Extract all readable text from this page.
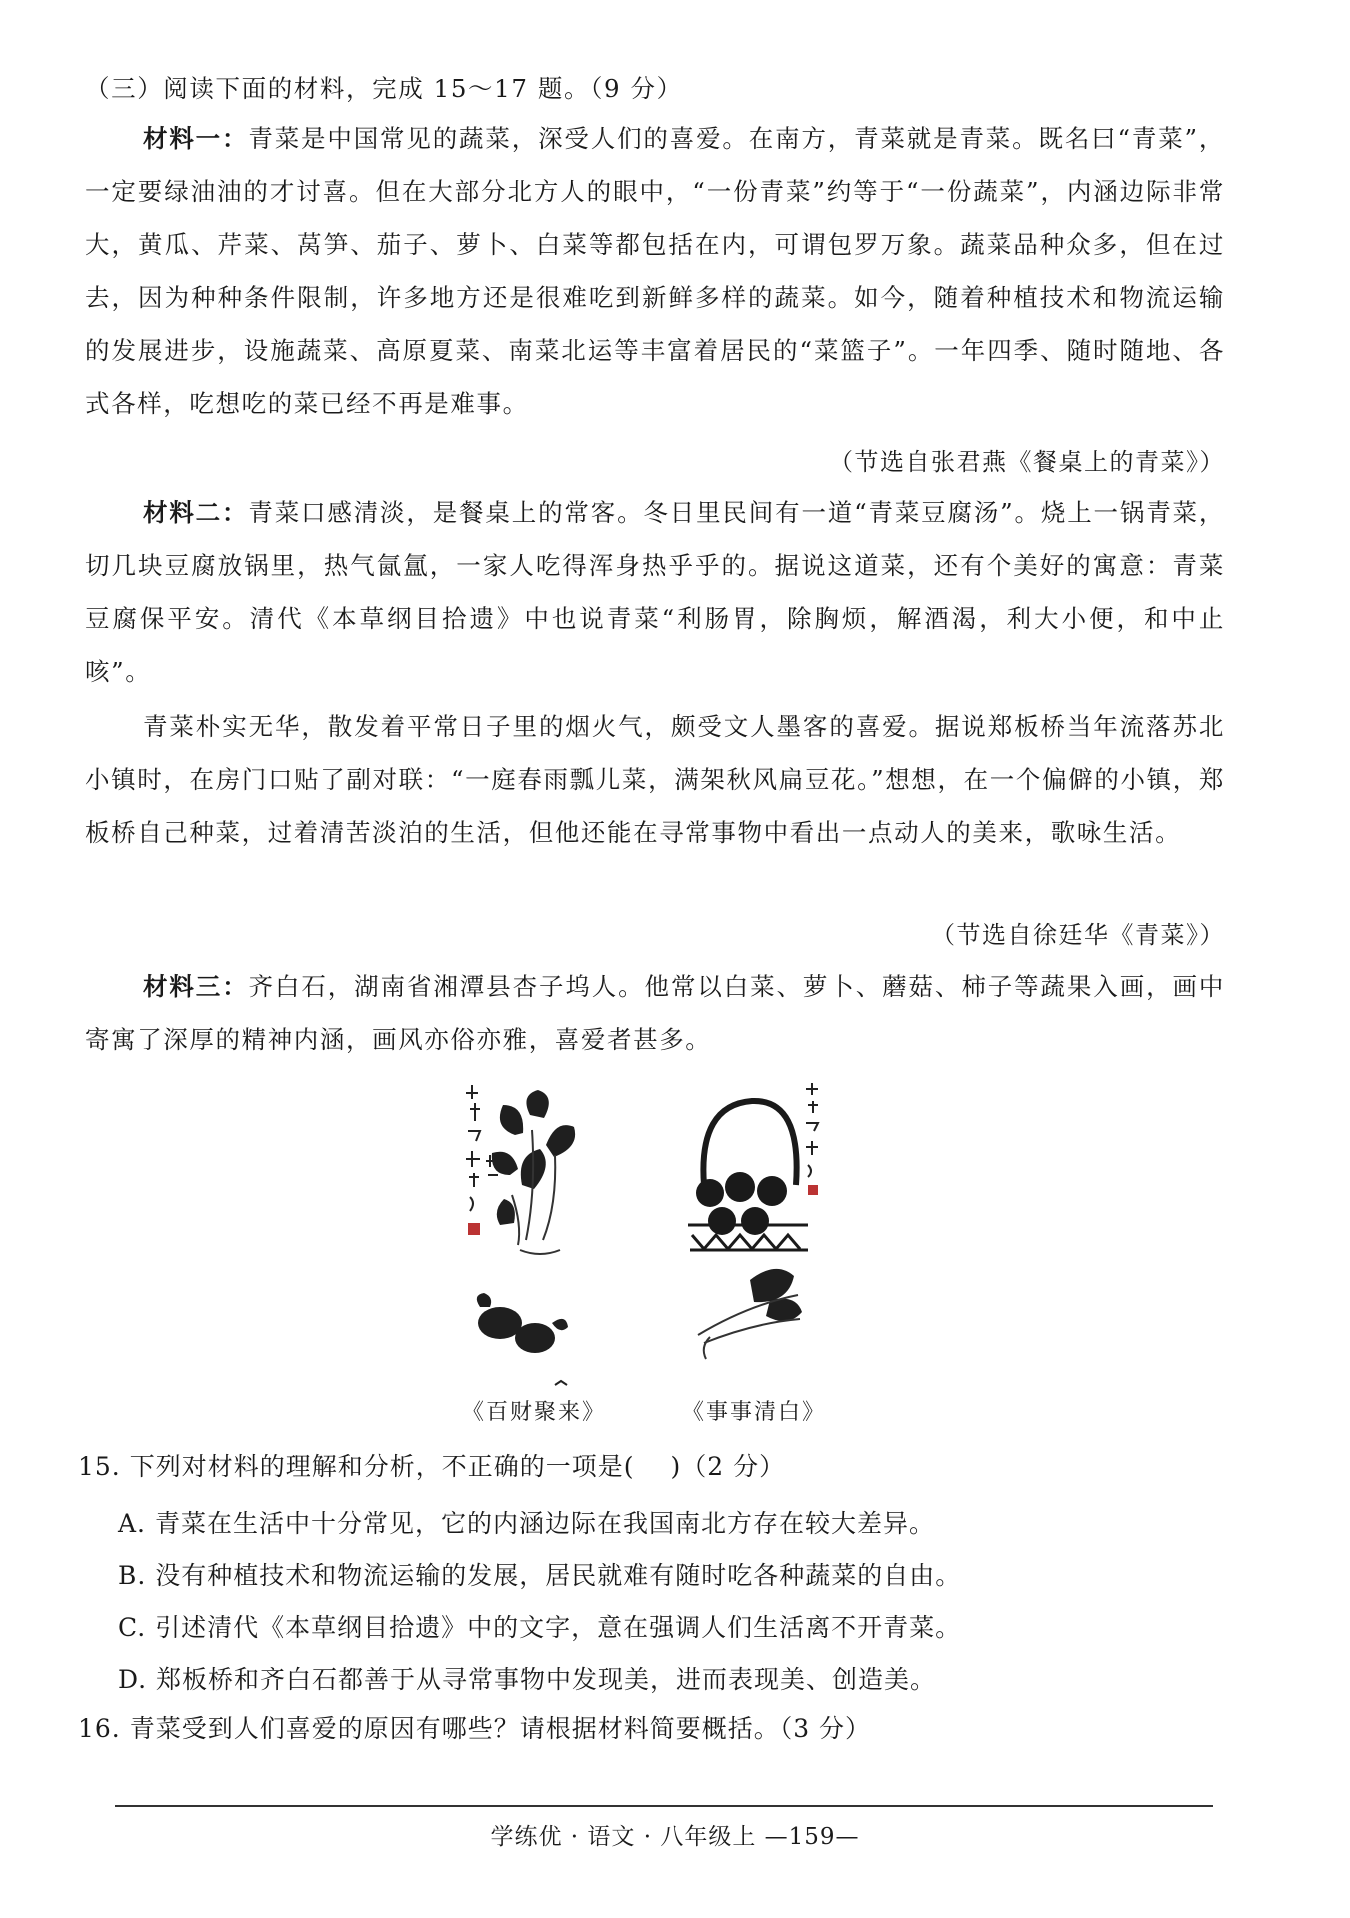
（三）阅读下面的材料，完成 15～17 题。（9 分）
材料一：青菜是中国常见的蔬菜，深受人们的喜爱。在南方，青菜就是青菜。既名曰“青菜”，一定要绿油油的才讨喜。但在大部分北方人的眼中，“一份青菜”约等于“一份蔬菜”，内涵边际非常大，黄瓜、芹菜、莴笋、茄子、萝卜、白菜等都包括在内，可谓包罗万象。蔬菜品种众多，但在过去，因为种种条件限制，许多地方还是很难吃到新鲜多样的蔬菜。如今，随着种植技术和物流运输的发展进步，设施蔬菜、高原夏菜、南菜北运等丰富着居民的“菜篮子”。一年四季、随时随地、各式各样，吃想吃的菜已经不再是难事。
（节选自张君燕《餐桌上的青菜》）
材料二：青菜口感清淡，是餐桌上的常客。冬日里民间有一道“青菜豆腐汤”。烧上一锅青菜，切几块豆腐放锅里，热气氤氲，一家人吃得浑身热乎乎的。据说这道菜，还有个美好的寓意：青菜豆腐保平安。清代《本草纲目拾遗》中也说青菜“利肠胃，除胸烦，解酒渴，利大小便，和中止咳”。
青菜朴实无华，散发着平常日子里的烟火气，颇受文人墨客的喜爱。据说郑板桥当年流落苏北小镇时，在房门口贴了副对联：“一庭春雨瓢儿菜，满架秋风扁豆花。”想想，在一个偏僻的小镇，郑板桥自己种菜，过着清苦淡泊的生活，但他还能在寻常事物中看出一点动人的美来，歌咏生活。
（节选自徐廷华《青菜》）
材料三：齐白石，湖南省湘潭县杏子坞人。他常以白菜、萝卜、蘑菇、柿子等蔬果入画，画中寄寓了深厚的精神内涵，画风亦俗亦雅，喜爱者甚多。
《百财聚来》	《事事清白》
15. 下列对材料的理解和分析，不正确的一项是( )（2 分）
A. 青菜在生活中十分常见，它的内涵边际在我国南北方存在较大差异。
B. 没有种植技术和物流运输的发展，居民就难有随时吃各种蔬菜的自由。
C. 引述清代《本草纲目拾遗》中的文字，意在强调人们生活离不开青菜。
D. 郑板桥和齐白石都善于从寻常事物中发现美，进而表现美、创造美。
16. 青菜受到人们喜爱的原因有哪些？请根据材料简要概括。（3 分）
学练优 · 语文 · 八年级上 —159—
